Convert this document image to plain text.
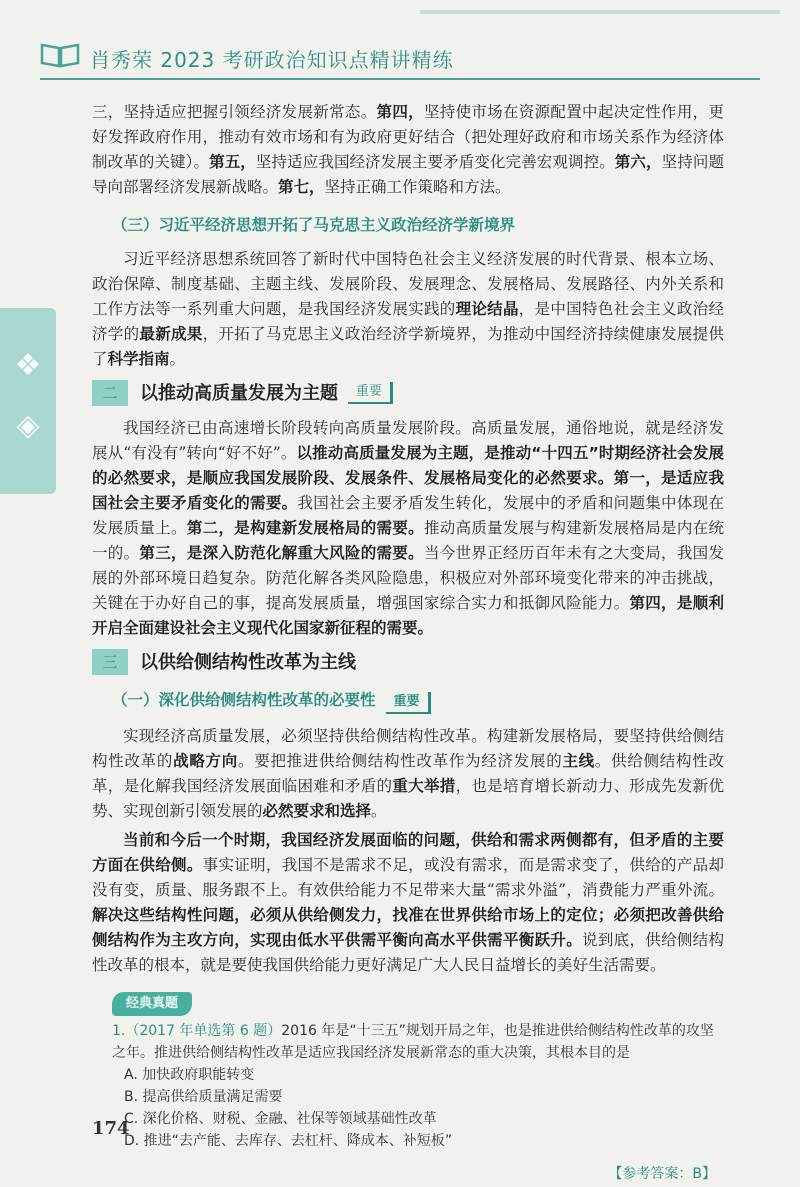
肖秀荣 2023 考研政治知识点精讲精练
❖
◈

三，坚持适应把握引领经济发展新常态。第四，坚持使市场在资源配置中起决定性作用，更好发挥政府作用，推动有效市场和有为政府更好结合（把处理好政府和市场关系作为经济体制改革的关键）。第五，坚持适应我国经济发展主要矛盾变化完善宏观调控。第六，坚持问题导向部署经济发展新战略。第七，坚持正确工作策略和方法。

（三）习近平经济思想开拓了马克思主义政治经济学新境界

习近平经济思想系统回答了新时代中国特色社会主义经济发展的时代背景、根本立场、政治保障、制度基础、主题主线、发展阶段、发展理念、发展格局、发展路径、内外关系和工作方法等一系列重大问题，是我国经济发展实践的理论结晶，是中国特色社会主义政治经济学的最新成果，开拓了马克思主义政治经济学新境界，为推动中国经济持续健康发展提供了科学指南。

二	以推动高质量发展为主题	重要

我国经济已由高速增长阶段转向高质量发展阶段。高质量发展，通俗地说，就是经济发展从“有没有”转向“好不好”。以推动高质量发展为主题，是推动“十四五”时期经济社会发展的必然要求，是顺应我国发展阶段、发展条件、发展格局变化的必然要求。第一，是适应我国社会主要矛盾变化的需要。我国社会主要矛盾发生转化，发展中的矛盾和问题集中体现在发展质量上。第二，是构建新发展格局的需要。推动高质量发展与构建新发展格局是内在统一的。第三，是深入防范化解重大风险的需要。当今世界正经历百年未有之大变局，我国发展的外部环境日趋复杂。防范化解各类风险隐患，积极应对外部环境变化带来的冲击挑战，关键在于办好自己的事，提高发展质量，增强国家综合实力和抵御风险能力。第四，是顺利开启全面建设社会主义现代化国家新征程的需要。

三	以供给侧结构性改革为主线
（一）深化供给侧结构性改革的必要性 重要

实现经济高质量发展，必须坚持供给侧结构性改革。构建新发展格局，要坚持供给侧结构性改革的战略方向。要把推进供给侧结构性改革作为经济发展的主线。供给侧结构性改革，是化解我国经济发展面临困难和矛盾的重大举措，也是培育增长新动力、形成先发新优势、实现创新引领发展的必然要求和选择。

当前和今后一个时期，我国经济发展面临的问题，供给和需求两侧都有，但矛盾的主要方面在供给侧。事实证明，我国不是需求不足，或没有需求，而是需求变了，供给的产品却没有变，质量、服务跟不上。有效供给能力不足带来大量“需求外溢”，消费能力严重外流。解决这些结构性问题，必须从供给侧发力，找准在世界供给市场上的定位；必须把改善供给侧结构作为主攻方向，实现由低水平供需平衡向高水平供需平衡跃升。说到底，供给侧结构性改革的根本，就是要使我国供给能力更好满足广大人民日益增长的美好生活需要。

经典真题
1.（2017 年单选第 6 题）2016 年是“十三五”规划开局之年，也是推进供给侧结构性改革的攻坚之年。推进供给侧结构性改革是适应我国经济发展新常态的重大决策，其根本目的是
A. 加快政府职能转变
B. 提高供给质量满足需要
C. 深化价格、财税、金融、社保等领域基础性改革
D. 推进“去产能、去库存、去杠杆、降成本、补短板”
【参考答案：B】
174
